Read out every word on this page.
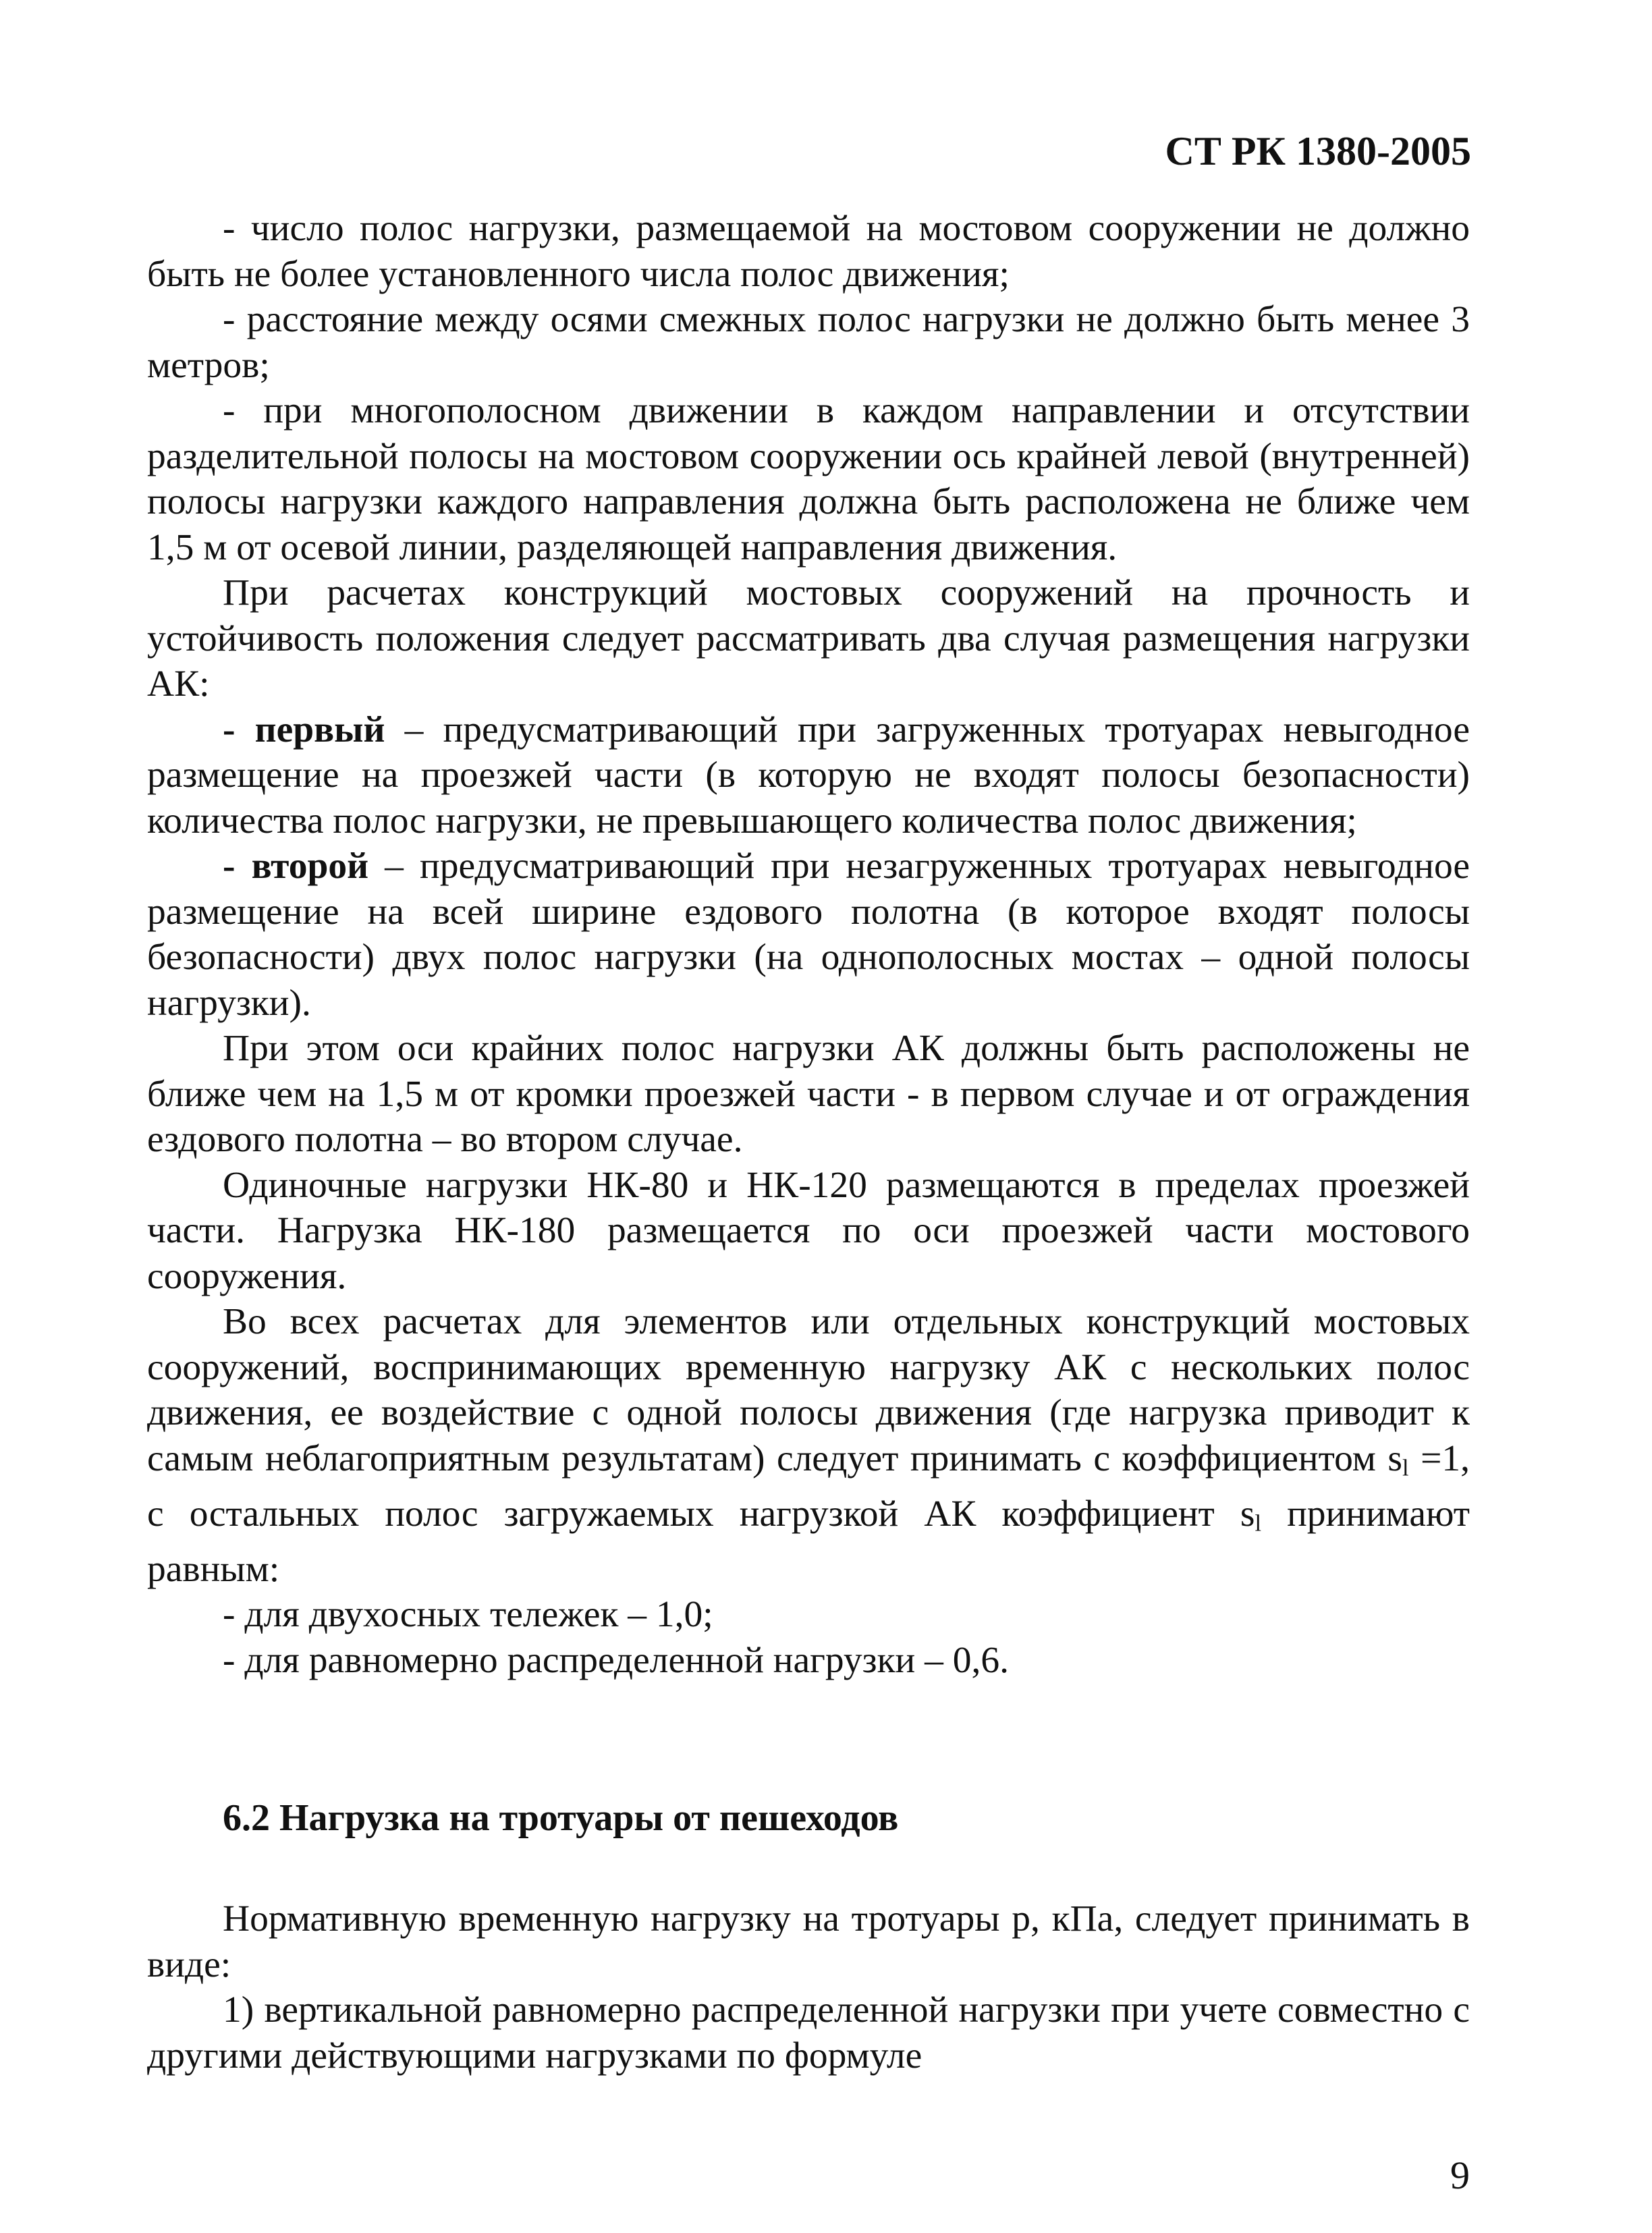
СТ РК 1380-2005

- число полос нагрузки, размещаемой на мостовом сооружении не должно быть не более установленного числа полос движения;

- расстояние между осями смежных полос нагрузки не должно быть менее 3 метров;

- при многополосном движении в каждом направлении и отсутствии разделительной полосы на мостовом сооружении ось крайней левой (внутренней) полосы нагрузки каждого направления должна быть расположена не ближе чем 1,5 м от осевой линии, разделяющей направления движения.

При расчетах конструкций мостовых сооружений на прочность и устойчивость положения следует рассматривать два случая размещения нагрузки АК:

- первый – предусматривающий при загруженных тротуарах невыгодное размещение на проезжей части (в которую не входят полосы безопасности) количества полос нагрузки, не превышающего количества полос движения;

- второй – предусматривающий при незагруженных тротуарах невыгодное размещение на всей ширине ездового полотна (в которое входят полосы безопасности) двух полос нагрузки (на однополосных мостах – одной полосы нагрузки).

При этом оси крайних полос нагрузки АК должны быть расположены не ближе чем на 1,5 м от кромки проезжей части - в первом случае и от ограждения ездового полотна – во втором случае.

Одиночные нагрузки НК-80 и НК-120 размещаются в пределах проезжей части. Нагрузка НК-180 размещается по оси проезжей части мостового сооружения.

Во всех расчетах для элементов или отдельных конструкций мостовых сооружений, воспринимающих временную нагрузку АК с нескольких полос движения, ее воздействие с одной полосы движения (где нагрузка приводит к самым неблагоприятным результатам) следует принимать с коэффициентом $s_l =1$, с остальных полос загружаемых нагрузкой АК коэффициент $s_l$ принимают равным:

- для двухосных тележек – 1,0;

- для равномерно распределенной нагрузки – 0,6.

6.2 Нагрузка на тротуары от пешеходов

Нормативную временную нагрузку на тротуары p, кПа, следует принимать в виде:

1) вертикальной равномерно распределенной нагрузки при учете совместно с другими действующими нагрузками по формуле

9
